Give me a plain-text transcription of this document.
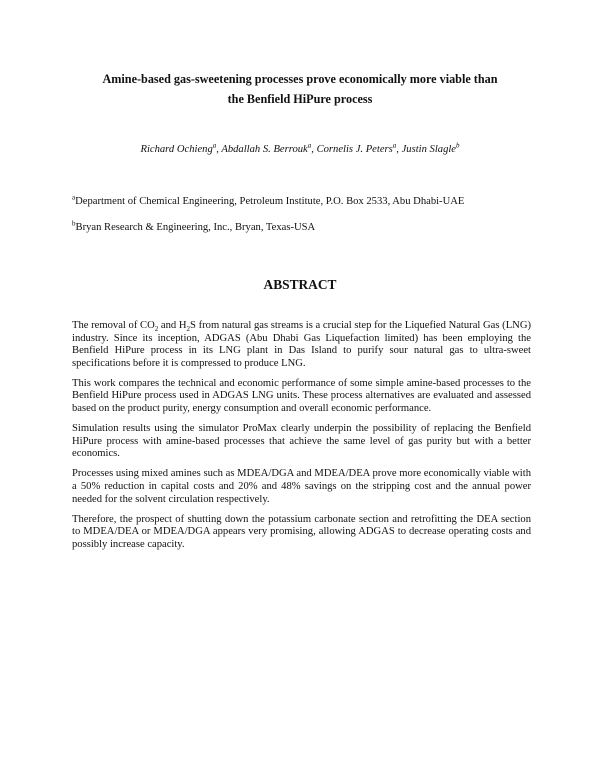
Amine-based gas-sweetening processes prove economically more viable than
the Benfield HiPure process
Richard Ochieng$^a$, Abdallah S. Berrouk$^a$, Cornelis J. Peters$^a$, Justin Slagle$^b$
$^a$Department of Chemical Engineering, Petroleum Institute, P.O. Box 2533, Abu Dhabi-UAE
$^b$Bryan Research & Engineering, Inc., Bryan, Texas-USA
ABSTRACT

The removal of $CO_2$ and $H_2S$ from natural gas streams is a crucial step for the Liquefied Natural Gas (LNG) industry. Since its inception, ADGAS (Abu Dhabi Gas Liquefaction limited) has been employing the Benfield HiPure process in its LNG plant in Das Island to purify sour natural gas to ultra-sweet specifications before it is compressed to produce LNG.

This work compares the technical and economic performance of some simple amine-based processes to the Benfield HiPure process used in ADGAS LNG units. These process alternatives are evaluated and assessed based on the product purity, energy consumption and overall economic performance.

Simulation results using the simulator ProMax clearly underpin the possibility of replacing the Benfield HiPure process with amine-based processes that achieve the same level of gas purity but with a better economics.

Processes using mixed amines such as MDEA/DGA and MDEA/DEA prove more economically viable with a 50% reduction in capital costs and 20% and 48% savings on the stripping cost and the annual power needed for the solvent circulation respectively.

Therefore, the prospect of shutting down the potassium carbonate section and retrofitting the DEA section to MDEA/DEA or MDEA/DGA appears very promising, allowing ADGAS to decrease operating costs and possibly increase capacity.
